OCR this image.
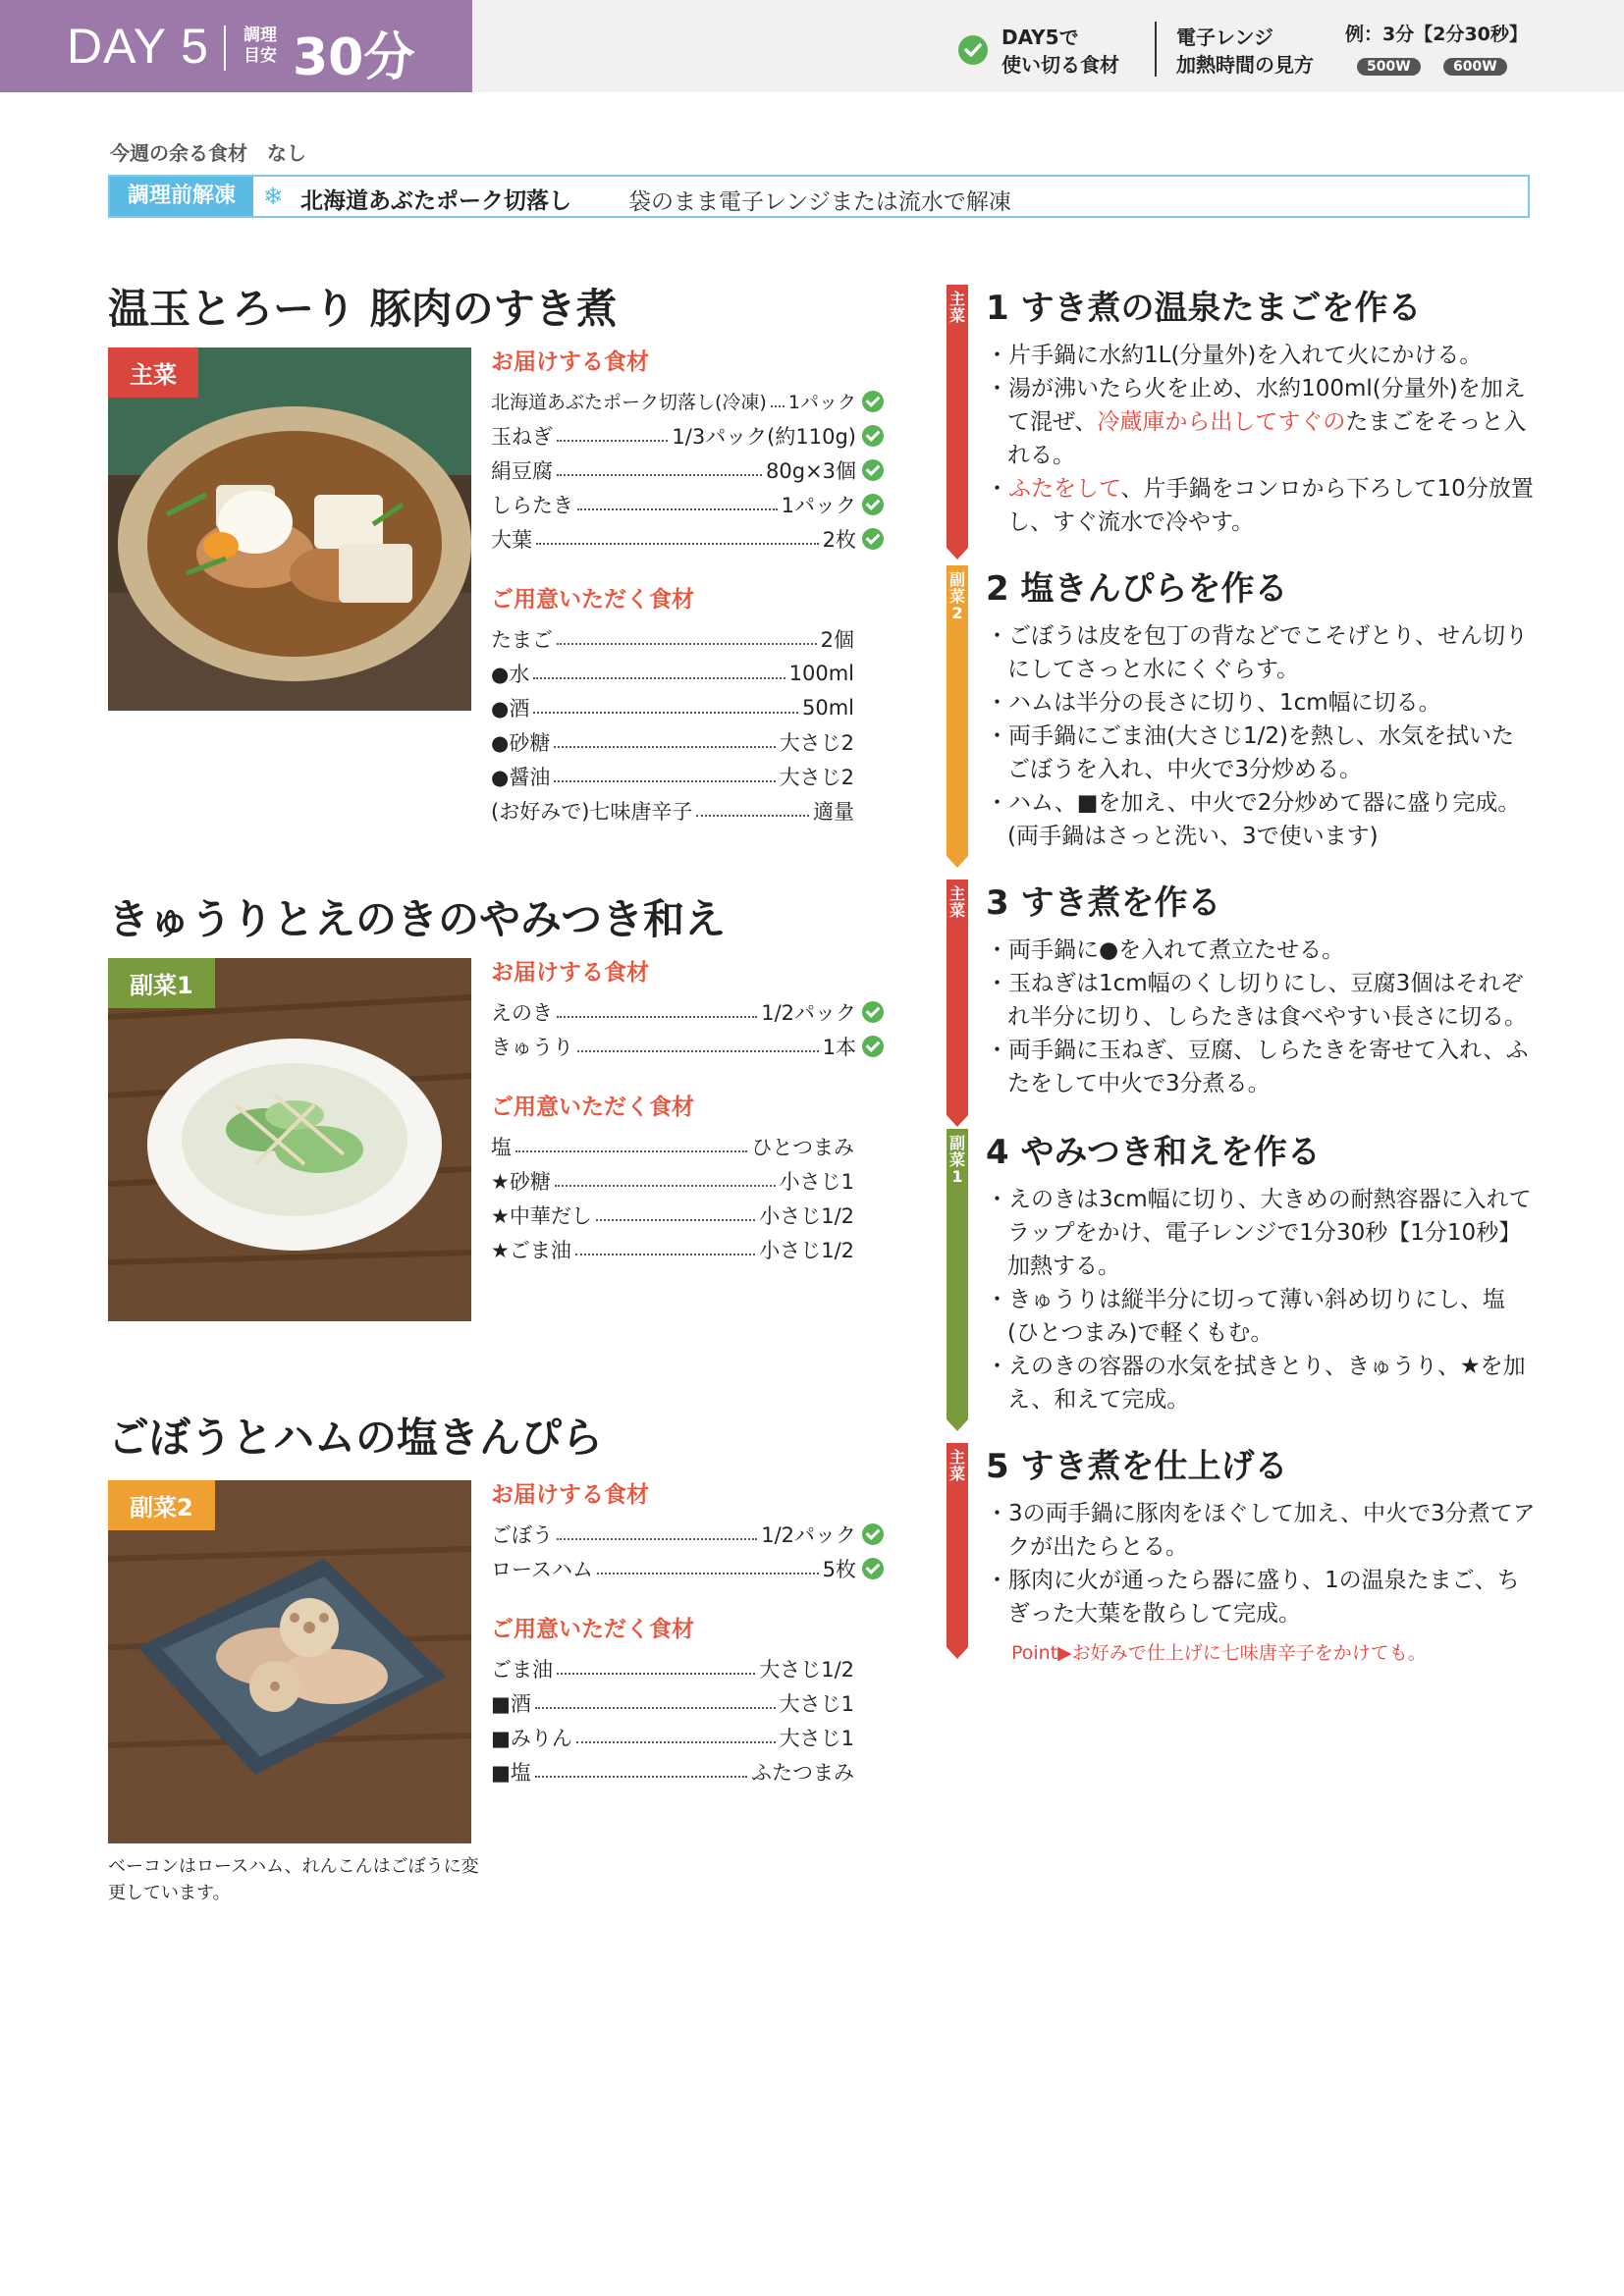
DAY 5 調理目安 30分	DAY5で
使い切る食材
電子レンジ
加熱時間の見方
例：3分【2分30秒】
500W	600W
今週の余る食材　なし
調理前解凍	❄ 北海道あぶたポーク切落し	袋のまま電子レンジまたは流水で解凍
温玉とろーり 豚肉のすき煮
主菜	お届けする食材
北海道あぶたポーク切落し(冷凍) 1パック
玉ねぎ	1/3パック(約110g)
絹豆腐	80g×3個
しらたき	1パック
大葉	2枚
ご用意いただく食材
たまご	2個
●水	100ml
●酒	50ml
●砂糖	大さじ2
●醤油	大さじ2
(お好みで)七味唐辛子	適量
きゅうりとえのきのやみつき和え
副菜1	お届けする食材
えのき	1/2パック
きゅうり	1本
ご用意いただく食材
塩	ひとつまみ
★砂糖	小さじ1
★中華だし	小さじ1/2
★ごま油	小さじ1/2
ごぼうとハムの塩きんぴら
副菜2	お届けする食材
ごぼう	1/2パック
ロースハム	5枚
ご用意いただく食材
ごま油	大さじ1/2
■酒	大さじ1
■みりん	大さじ1
■塩	ふたつまみ
ベーコンはロースハム、れんこんはごぼうに変更しています。
主菜 1 すき煮の温泉たまごを作る

・片手鍋に水約1L(分量外)を入れて火にかける。

・湯が沸いたら火を止め、水約100ml(分量外)を加えて混ぜ、冷蔵庫から出してすぐのたまごをそっと入れる。

・ふたをして、片手鍋をコンロから下ろして10分放置し、すぐ流水で冷やす。

副菜2
2 塩きんぴらを作る

・ごぼうは皮を包丁の背などでこそげとり、せん切りにしてさっと水にくぐらす。

・ハムは半分の長さに切り、1cm幅に切る。

・両手鍋にごま油(大さじ1/2)を熱し、水気を拭いたごぼうを入れ、中火で3分炒める。

・ハム、■を加え、中火で2分炒めて器に盛り完成。(両手鍋はさっと洗い、3で使います)

主菜 3 すき煮を作る

・両手鍋に●を入れて煮立たせる。

・玉ねぎは1cm幅のくし切りにし、豆腐3個はそれぞれ半分に切り、しらたきは食べやすい長さに切る。

・両手鍋に玉ねぎ、豆腐、しらたきを寄せて入れ、ふたをして中火で3分煮る。

副菜1
4 やみつき和えを作る

・えのきは3cm幅に切り、大きめの耐熱容器に入れてラップをかけ、電子レンジで1分30秒【1分10秒】加熱する。

・きゅうりは縦半分に切って薄い斜め切りにし、塩(ひとつまみ)で軽くもむ。

・えのきの容器の水気を拭きとり、きゅうり、★を加え、和えて完成。

主菜 5 すき煮を仕上げる

・3の両手鍋に豚肉をほぐして加え、中火で3分煮てアクが出たらとる。

・豚肉に火が通ったら器に盛り、1の温泉たまご、ちぎった大葉を散らして完成。

Point▶お好みで仕上げに七味唐辛子をかけても。
